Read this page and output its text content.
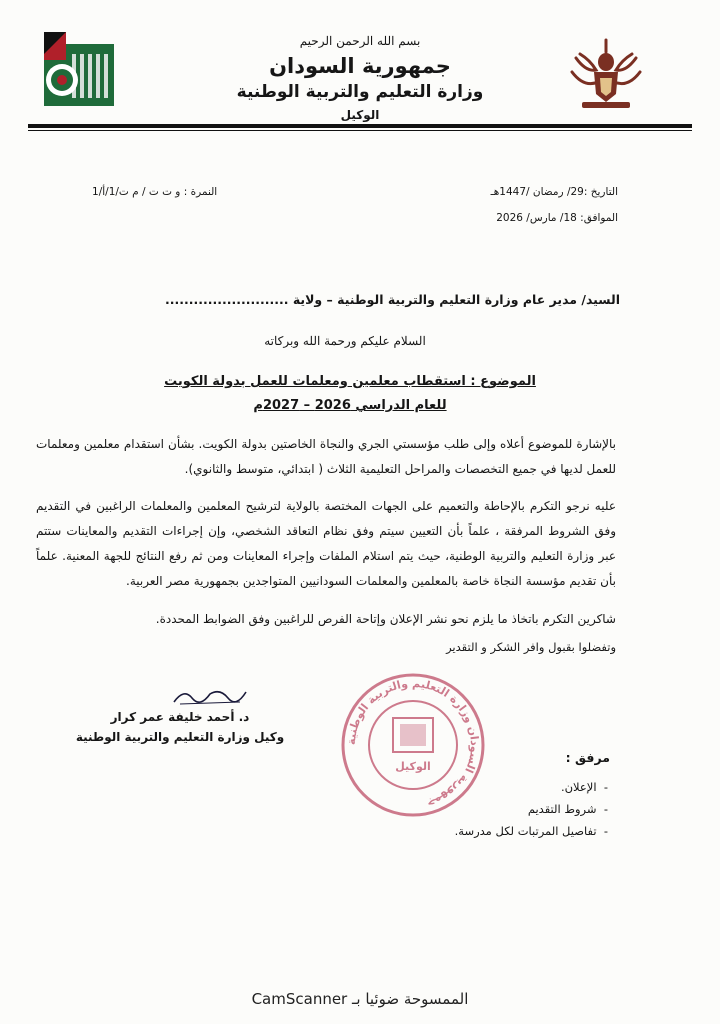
بسم الله الرحمن الرحيم
جمهورية السودان
وزارة التعليم والتربية الوطنية
الوكيل
التاريخ :29/ رمضان /1447هـ
الموافق: 18/ مارس/ 2026
النمرة : و ت ت / م ت/1/أ/1
السيد/ مدير عام وزارة التعليم والتربية الوطنية – ولاية ..........................
السلام عليكم ورحمة الله وبركاته
الموضوع : استقطاب معلمين ومعلمات للعمل بدولة الكويت
للعام الدراسي 2026 – 2027م
بالإشارة للموضوع أعلاه وإلى طلب مؤسستي الجري والنجاة الخاصتين بدولة الكويت. بشأن استقدام معلمين ومعلمات للعمل لديها في جميع التخصصات والمراحل التعليمية الثلاث ( ابتدائي، متوسط والثانوي).
عليه نرجو التكرم بالإحاطة والتعميم على الجهات المختصة بالولاية لترشيح المعلمين والمعلمات الراغبين في التقديم وفق الشروط المرفقة ، علماً بأن التعيين سيتم وفق نظام التعاقد الشخصي، وإن إجراءات التقديم والمعاينات ستتم عبر وزارة التعليم والتربية الوطنية، حيث يتم استلام الملفات وإجراء المعاينات ومن ثم رفع النتائج للجهة المعنية. علماً بأن تقديم مؤسسة النجاة خاصة بالمعلمين والمعلمات السودانيين المتواجدين بجمهورية مصر العربية.
شاكرين التكرم باتخاذ ما يلزم نحو نشر الإعلان وإتاحة الفرص للراغبين وفق الضوابط المحددة.
وتفضلوا بقبول وافر الشكر و التقدير
د. أحمد خليفة عمر كرار
وكيل وزارة التعليم والتربية الوطنية	جمهورية السودان وزارة التعليم والتربية الوطنية
الوكيل
مرفق :
-  الإعلان.
-  شروط التقديم
-  تفاصيل المرتبات لكل مدرسة.
الممسوحة ضوئيا بـ CamScanner
